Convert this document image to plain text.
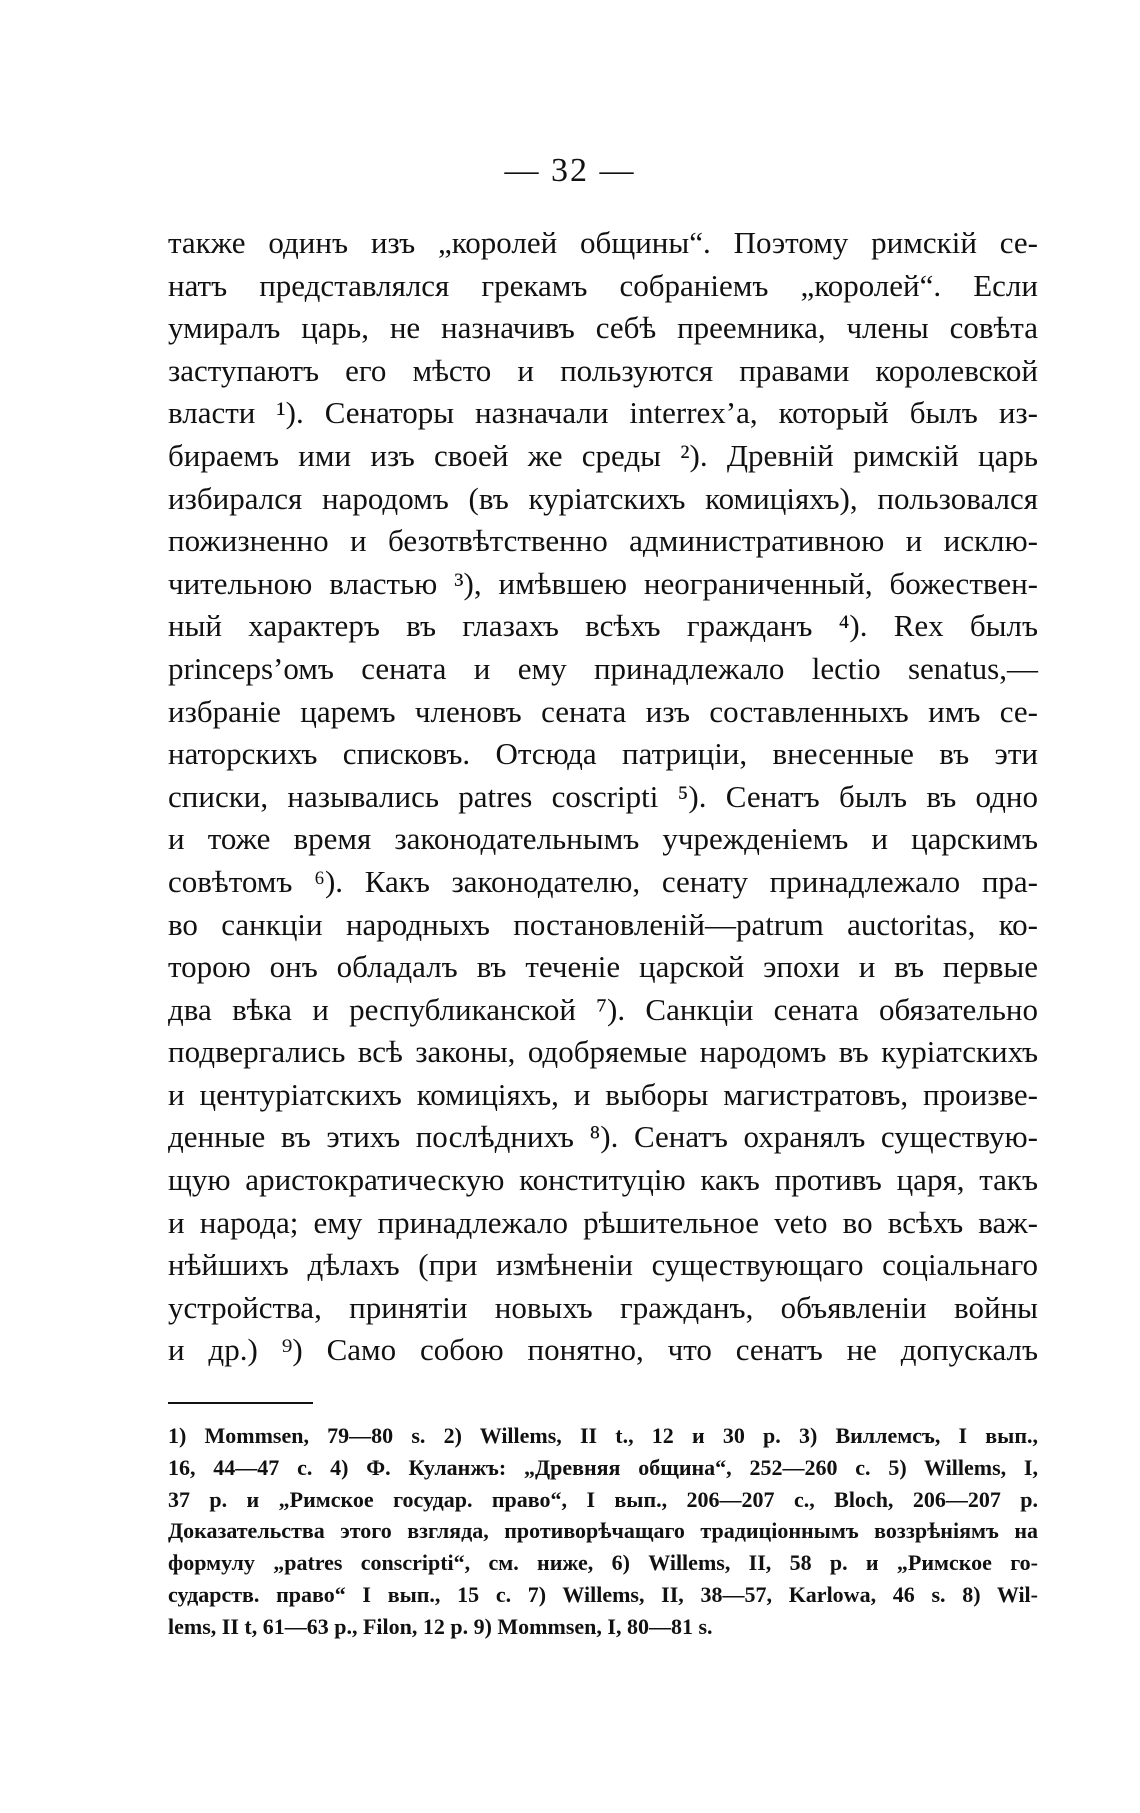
— 32 —
также одинъ изъ „королей общины“. Поэтому римскій се-
натъ представлялся грекамъ собраніемъ „королей“. Если
умиралъ царь, не назначивъ себѣ преемника, члены совѣта
заступаютъ его мѣсто и пользуются правами королевской
власти ¹). Сенаторы назначали interrex’a, который былъ из-
бираемъ ими изъ своей же среды ²). Древній римскій царь
избирался народомъ (въ куріатскихъ комиціяхъ), пользовался
пожизненно и безотвѣтственно административною и исклю-
чительною властью ³), имѣвшею неограниченный, божествен-
ный характеръ въ глазахъ всѣхъ гражданъ ⁴). Rex былъ
princeps’омъ сената и ему принадлежало lectio senatus,—
избраніе царемъ членовъ сената изъ составленныхъ имъ се-
наторскихъ списковъ. Отсюда патриціи, внесенные въ эти
списки, назывались patres coscripti ⁵). Сенатъ былъ въ одно
и тоже время законодательнымъ учрежденіемъ и царскимъ
совѣтомъ ⁶). Какъ законодателю, сенату принадлежало пра-
во санкціи народныхъ постановленій—patrum auctoritas, ко-
торою онъ обладалъ въ теченіе царской эпохи и въ первые
два вѣка и республиканской ⁷). Санкціи сената обязательно
подвергались всѣ законы, одобряемые народомъ въ куріатскихъ
и центуріатскихъ комиціяхъ, и выборы магистратовъ, произве-
денные въ этихъ послѣднихъ ⁸). Сенатъ охранялъ существую-
щую аристократическую конституцію какъ противъ царя, такъ
и народа; ему принадлежало рѣшительное veto во всѣхъ важ-
нѣйшихъ дѣлахъ (при измѣненіи существующаго соціальнаго
устройства, принятіи новыхъ гражданъ, объявленіи войны
и др.) ⁹) Само собою понятно, что сенатъ не допускалъ
1) Mommsen, 79—80 s. 2) Willems, II t., 12 и 30 p. 3) Виллемсъ, I вып.,
16, 44—47 c. 4) Ф. Куланжъ: „Древняя община“, 252—260 c. 5) Willems, I,
37 p. и „Римское государ. право“, I вып., 206—207 с., Bloch, 206—207 p.
Доказательства этого взгляда, противорѣчащаго традиціоннымъ воззрѣніямъ на
формулу „patres conscripti“, см. ниже, 6) Willems, II, 58 p. и „Римское го-
сударств. право“ I вып., 15 c. 7) Willems, II, 38—57, Karlowa, 46 s. 8) Wil-
lems, II t, 61—63 p., Filon, 12 p. 9) Mommsen, I, 80—81 s.
